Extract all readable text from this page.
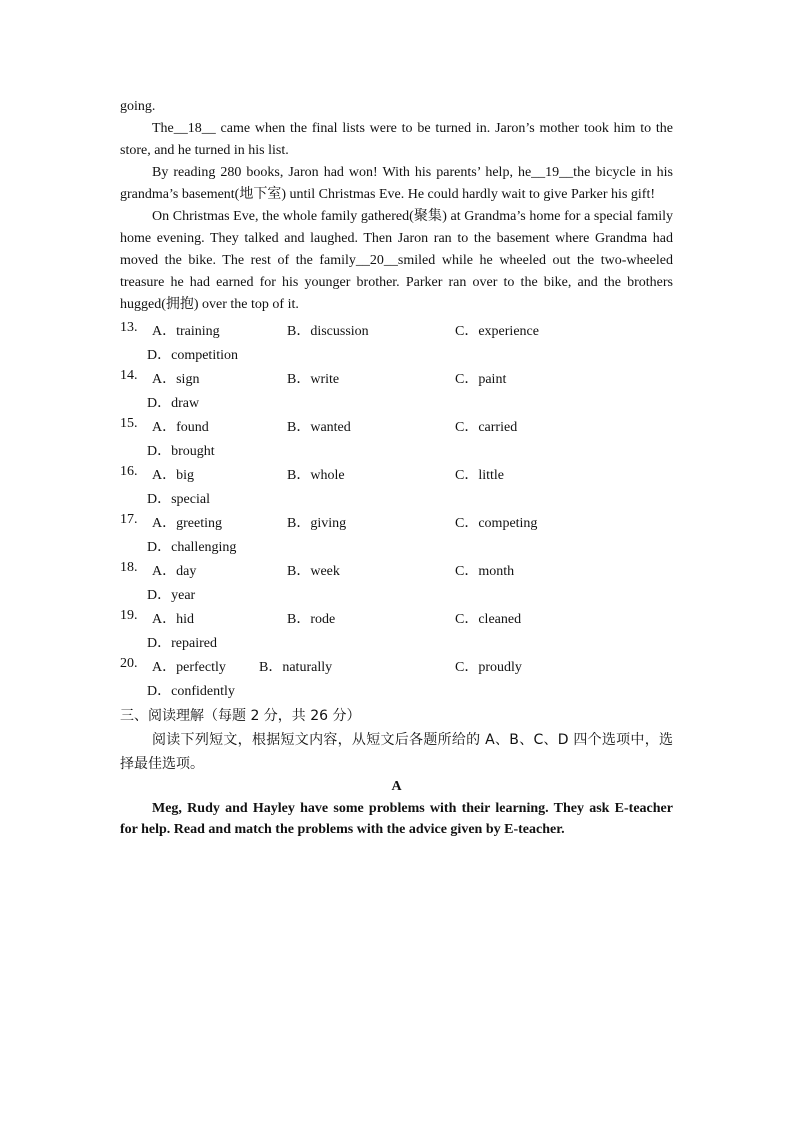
going.

The__18__ came when the final lists were to be turned in. Jaron’s mother took him to the store, and he turned in his list.

By reading 280 books, Jaron had won! With his parents’ help, he__19__the bicycle in his grandma’s basement(地下室) until Christmas Eve. He could hardly wait to give Parker his gift!

On Christmas Eve, the whole family gathered(聚集) at Grandma’s home for a special family home evening. They talked and laughed. Then Jaron ran to the basement where Grandma had moved the bike. The rest of the family__20__smiled while he wheeled out the two-wheeled treasure he had earned for his younger brother. Parker ran over to the bike, and the brothers hugged(拥抱) over the top of it.

13. A．training	B．discussion	C．experience
D．competition
14. A．sign	B．write	C．paint
D．draw
15. A．found	B．wanted	C．carried
D．brought
16. A．big	B．whole	C．little
D．special
17. A．greeting	B．giving	C．competing
D．challenging
18. A．day	B．week	C．month
D．year
19. A．hid	B．rode	C．cleaned
D．repaired
20. A．perfectly B．naturally	C．proudly
D．confidently

三、阅读理解（每题 2 分，共 26 分）

阅读下列短文，根据短文内容，从短文后各题所给的 A、B、C、D 四个选项中，选择最佳选项。

A

Meg, Rudy and Hayley have some problems with their learning. They ask E-teacher for help. Read and match the problems with the advice given by E-teacher.
